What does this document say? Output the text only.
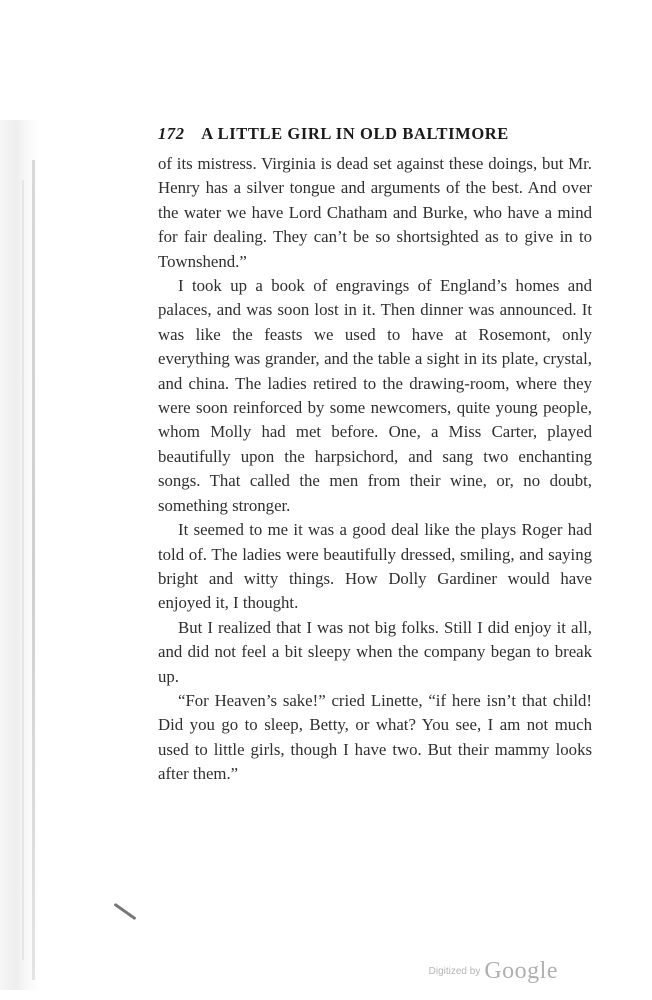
172 A LITTLE GIRL IN OLD BALTIMORE

of its mistress. Virginia is dead set against these doings, but Mr. Henry has a silver tongue and arguments of the best. And over the water we have Lord Chatham and Burke, who have a mind for fair dealing. They can’t be so shortsighted as to give in to Townshend.”

I took up a book of engravings of England’s homes and palaces, and was soon lost in it. Then dinner was announced. It was like the feasts we used to have at Rosemont, only everything was grander, and the table a sight in its plate, crystal, and china. The ladies retired to the drawing-room, where they were soon reinforced by some newcomers, quite young people, whom Molly had met before. One, a Miss Carter, played beautifully upon the harpsichord, and sang two enchanting songs. That called the men from their wine, or, no doubt, something stronger.

It seemed to me it was a good deal like the plays Roger had told of. The ladies were beautifully dressed, smiling, and saying bright and witty things. How Dolly Gardiner would have enjoyed it, I thought.

But I realized that I was not big folks. Still I did enjoy it all, and did not feel a bit sleepy when the company began to break up.

“For Heaven’s sake!” cried Linette, “if here isn’t that child! Did you go to sleep, Betty, or what? You see, I am not much used to little girls, though I have two. But their mammy looks after them.”

Digitized by Google
